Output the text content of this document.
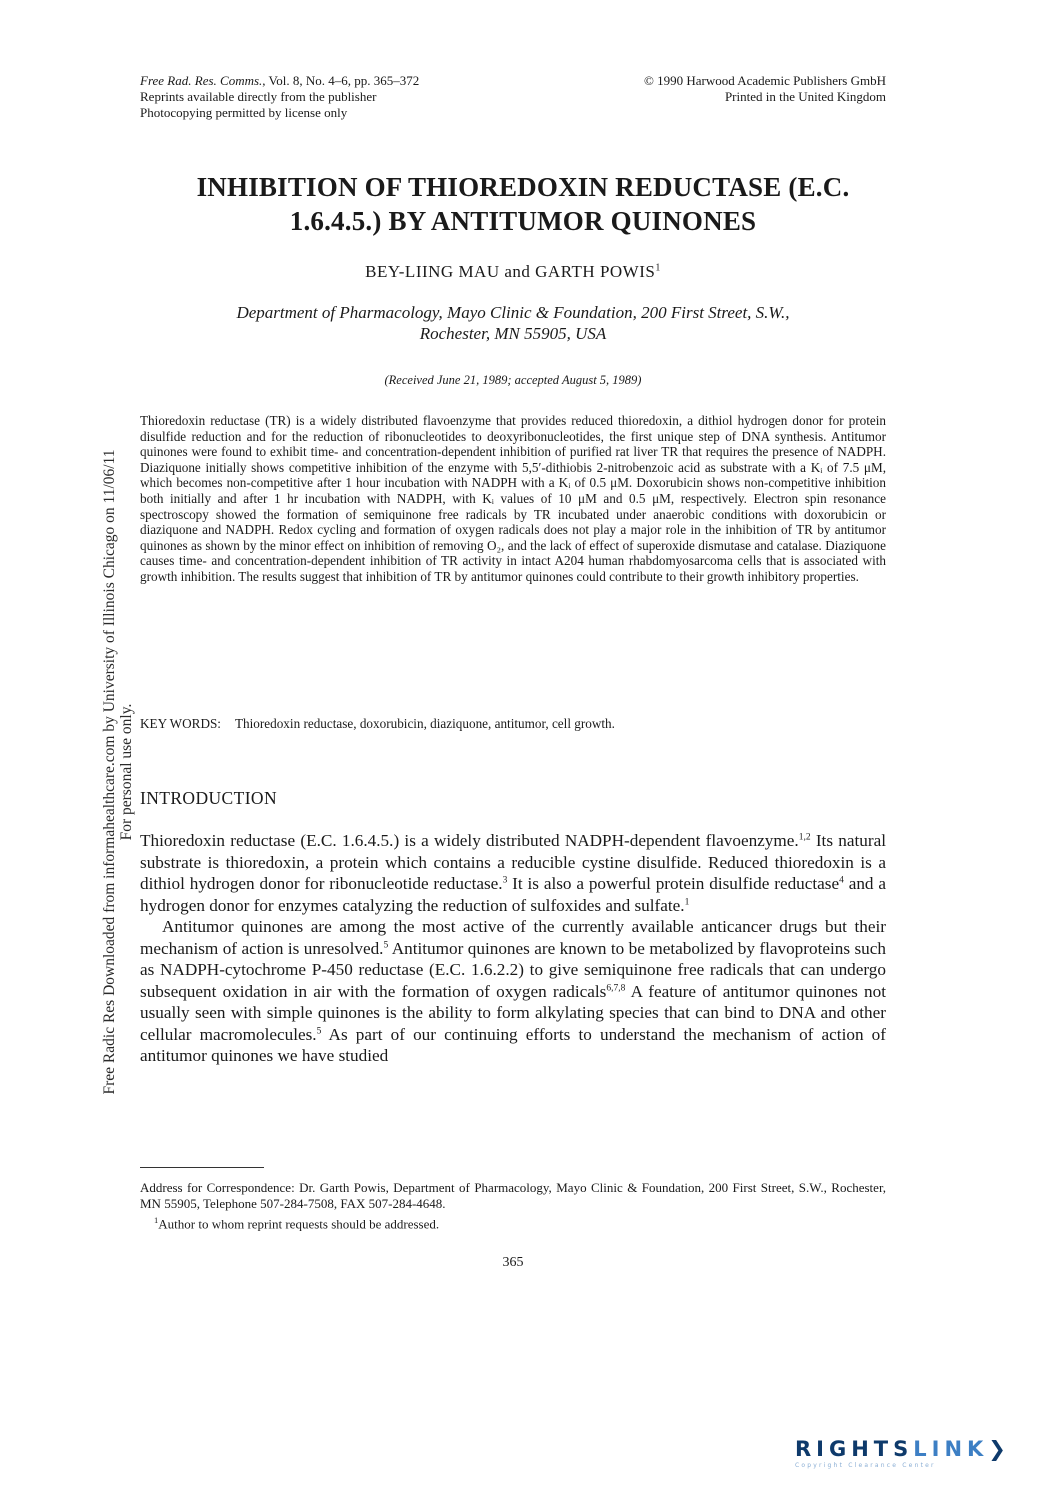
Free Rad. Res. Comms., Vol. 8, No. 4–6, pp. 365–372
Reprints available directly from the publisher
Photocopying permitted by license only
© 1990 Harwood Academic Publishers GmbH
Printed in the United Kingdom
INHIBITION OF THIOREDOXIN REDUCTASE (E.C.
1.6.4.5.) BY ANTITUMOR QUINONES
BEY-LIING MAU and GARTH POWIS$^1$
Department of Pharmacology, Mayo Clinic & Foundation, 200 First Street, S.W.,
Rochester, MN 55905, USA
(Received June 21, 1989; accepted August 5, 1989)

Thioredoxin reductase (TR) is a widely distributed flavoenzyme that provides reduced thioredoxin, a dithiol hydrogen donor for protein disulfide reduction and for the reduction of ribonucleotides to deoxyribonucleotides, the first unique step of DNA synthesis. Antitumor quinones were found to exhibit time- and concentration-dependent inhibition of purified rat liver TR that requires the presence of NADPH. Diaziquone initially shows competitive inhibition of the enzyme with 5,5′-dithiobis 2-nitrobenzoic acid as substrate with a Kᵢ of 7.5 μM, which becomes non-competitive after 1 hour incubation with NADPH with a Kᵢ of 0.5 μM. Doxorubicin shows non-competitive inhibition both initially and after 1 hr incubation with NADPH, with Kᵢ values of 10 μM and 0.5 μM, respectively. Electron spin resonance spectroscopy showed the formation of semiquinone free radicals by TR incubated under anaerobic conditions with doxorubicin or diaziquone and NADPH. Redox cycling and formation of oxygen radicals does not play a major role in the inhibition of TR by antitumor quinones as shown by the minor effect on inhibition of removing O₂, and the lack of effect of superoxide dismutase and catalase. Diaziquone causes time- and concentration-dependent inhibition of TR activity in intact A204 human rhabdomyosarcoma cells that is associated with growth inhibition. The results suggest that inhibition of TR by antitumor quinones could contribute to their growth inhibitory properties.

KEY WORDS: Thioredoxin reductase, doxorubicin, diaziquone, antitumor, cell growth.
INTRODUCTION

Thioredoxin reductase (E.C. 1.6.4.5.) is a widely distributed NADPH-dependent flavoenzyme.$^{1,2}$ Its natural substrate is thioredoxin, a protein which contains a reducible cystine disulfide. Reduced thioredoxin is a dithiol hydrogen donor for ribonucleotide reductase.$^3$ It is also a powerful protein disulfide reductase$^4$ and a hydrogen donor for enzymes catalyzing the reduction of sulfoxides and sulfate.$^1$

Antitumor quinones are among the most active of the currently available anticancer drugs but their mechanism of action is unresolved.$^5$ Antitumor quinones are known to be metabolized by flavoproteins such as NADPH-cytochrome P-450 reductase (E.C. 1.6.2.2) to give semiquinone free radicals that can undergo subsequent oxidation in air with the formation of oxygen radicals$^{6,7,8}$ A feature of antitumor quinones not usually seen with simple quinones is the ability to form alkylating species that can bind to DNA and other cellular macromolecules.$^5$ As part of our continuing efforts to understand the mechanism of action of antitumor quinones we have studied

Address for Correspondence: Dr. Garth Powis, Department of Pharmacology, Mayo Clinic & Foundation, 200 First Street, S.W., Rochester, MN 55905, Telephone 507-284-7508, FAX 507-284-4648.

$^1$Author to whom reprint requests should be addressed.

365
Free Radic Res Downloaded from informahealthcare.com by University of Illinois Chicago on 11/06/11 For personal use only.
RIGHTSLINK❯
Copyright Clearance Center
